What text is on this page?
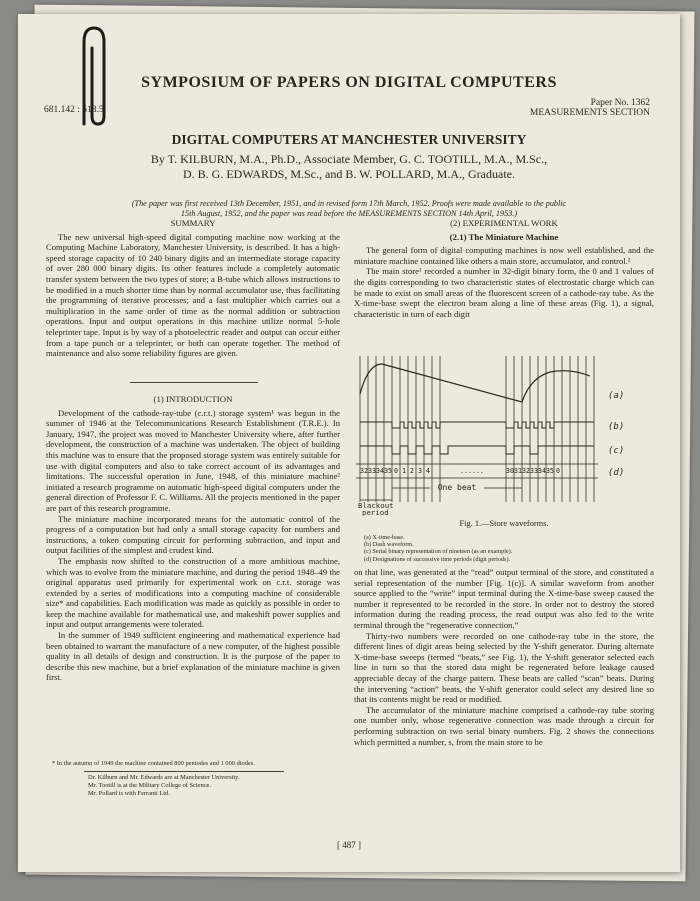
SYMPOSIUM OF PAPERS ON DIGITAL COMPUTERS
681.142 : 518.5
Paper No. 1362
MEASUREMENTS SECTION
DIGITAL COMPUTERS AT MANCHESTER UNIVERSITY
By T. KILBURN, M.A., Ph.D., Associate Member, G. C. TOOTILL, M.A., M.Sc.,
D. B. G. EDWARDS, M.Sc., and B. W. POLLARD, M.A., Graduate.
(The paper was first received 13th December, 1951, and in revised form 17th March, 1952. Proofs were made available to the public
15th August, 1952, and the paper was read before the MEASUREMENTS SECTION 14th April, 1953.)
SUMMARY

The new universal high-speed digital computing machine now working at the Computing Machine Laboratory, Manchester University, is described. It has a high-speed storage capacity of 10 240 binary digits and an intermediate storage capacity of over 280 000 binary digits. Its other features include a completely automatic transfer system between the two types of store; a B-tube which allows instructions to be modified in a much shorter time than by normal accumulator use, thus facilitating the programming of iterative processes; and a fast multiplier which carries out a multiplication in the same order of time as the normal addition or subtraction operations. Input and output operations in this machine utilize normal 5-hole teleprinter tape. Input is by way of a photoelectric reader and output can occur either from a tape punch or a teleprinter, or both can operate together. The method of maintenance and also some reliability figures are given.

(1) INTRODUCTION

Development of the cathode-ray-tube (c.r.t.) storage system¹ was begun in the summer of 1946 at the Telecommunications Research Establishment (T.R.E.). In January, 1947, the project was moved to Manchester University where, after further development, the construction of a machine was undertaken. The object of building this machine was to ensure that the proposed storage system was entirely suitable for use with digital computers and also to take correct account of its advantages and limitations. The successful operation in June, 1948, of this miniature machine² initiated a research programme on automatic high-speed digital computers under the general direction of Professor F. C. Williams. All the projects mentioned in the paper are part of this research programme.

The miniature machine incorporated means for the automatic control of the progress of a computation but had only a small storage capacity for numbers and instructions, a token computing circuit for performing subtraction, and input and output facilities of the simplest and crudest kind.

The emphasis now shifted to the construction of a more ambitious machine, which was to evolve from the miniature machine, and during the period 1948–49 the original apparatus used primarily for experimental work on c.r.t. storage was extended by a series of modifications into a computing machine of considerable size* and capabilities. Each modification was made as quickly as possible in order to keep the machine available for mathematical use, and makeshift power supplies and input and output arrangements were tolerated.

In the summer of 1949 sufficient engineering and mathematical experience had been obtained to warrant the manufacture of a new computer, of the highest possible quality in all details of design and construction. It is the purpose of the paper to describe this new machine, but a brief explanation of the miniature machine is given first.

* In the autumn of 1949 the machine contained 800 pentodes and 1 000 diodes.
Dr. Kilburn and Mr. Edwards are at Manchester University.
Mr. Tootill is at the Military College of Science.
Mr. Pollard is with Ferranti Ltd.
(2) EXPERIMENTAL WORK
(2.1) The Miniature Machine

The general form of digital computing machines is now well established, and the miniature machine contained like others a main store, accumulator, and control.²

The main store¹ recorded a number in 32-digit binary form, the 0 and 1 values of the digits corresponding to two characteristic states of electrostatic charge which can be made to exist on small areas of the fluorescent screen of a cathode-ray tube. As the X-time-base swept the electron beam along a line of these areas (Fig. 1), a signal, characteristic in turn of each digit

32 33 34 35 0 1 2 3 4	......	30 31 32 33 34 35 0
One beat
Blackout
period
(a)
(b)
(c)
(d)
Fig. 1.—Store waveforms.
(a) X-time-base.
(b) Dash waveform.
(c) Serial binary representation of nineteen (as an example).
(d) Designations of successive time periods (digit periods).

on that line, was generated at the “read” output terminal of the store, and constituted a serial representation of the number [Fig. 1(c)]. A similar waveform from another source applied to the “write” input terminal during the X-time-base sweep caused the number it represented to be recorded in the store. In order not to destroy the stored information during the reading process, the read output was also fed to the write terminal through the “regenerative connection.”

Thirty-two numbers were recorded on one cathode-ray tube in the store, the different lines of digit areas being selected by the Y-shift generator. During alternate X-time-base sweeps (termed “beats,” see Fig. 1), the Y-shift generator selected each line in turn so that the stored data might be regenerated before leakage caused appreciable decay of the charge pattern. These beats are called “scan” beats. During the intervening “action” beats, the Y-shift generator could select any desired line so that its contents might be read or modified.

The accumulator of the miniature machine comprised a cathode-ray tube storing one number only, whose regenerative connection was made through a circuit for performing subtraction on two serial binary numbers. Fig. 2 shows the connections which permitted a number, s, from the main store to be

[ 487 ]
